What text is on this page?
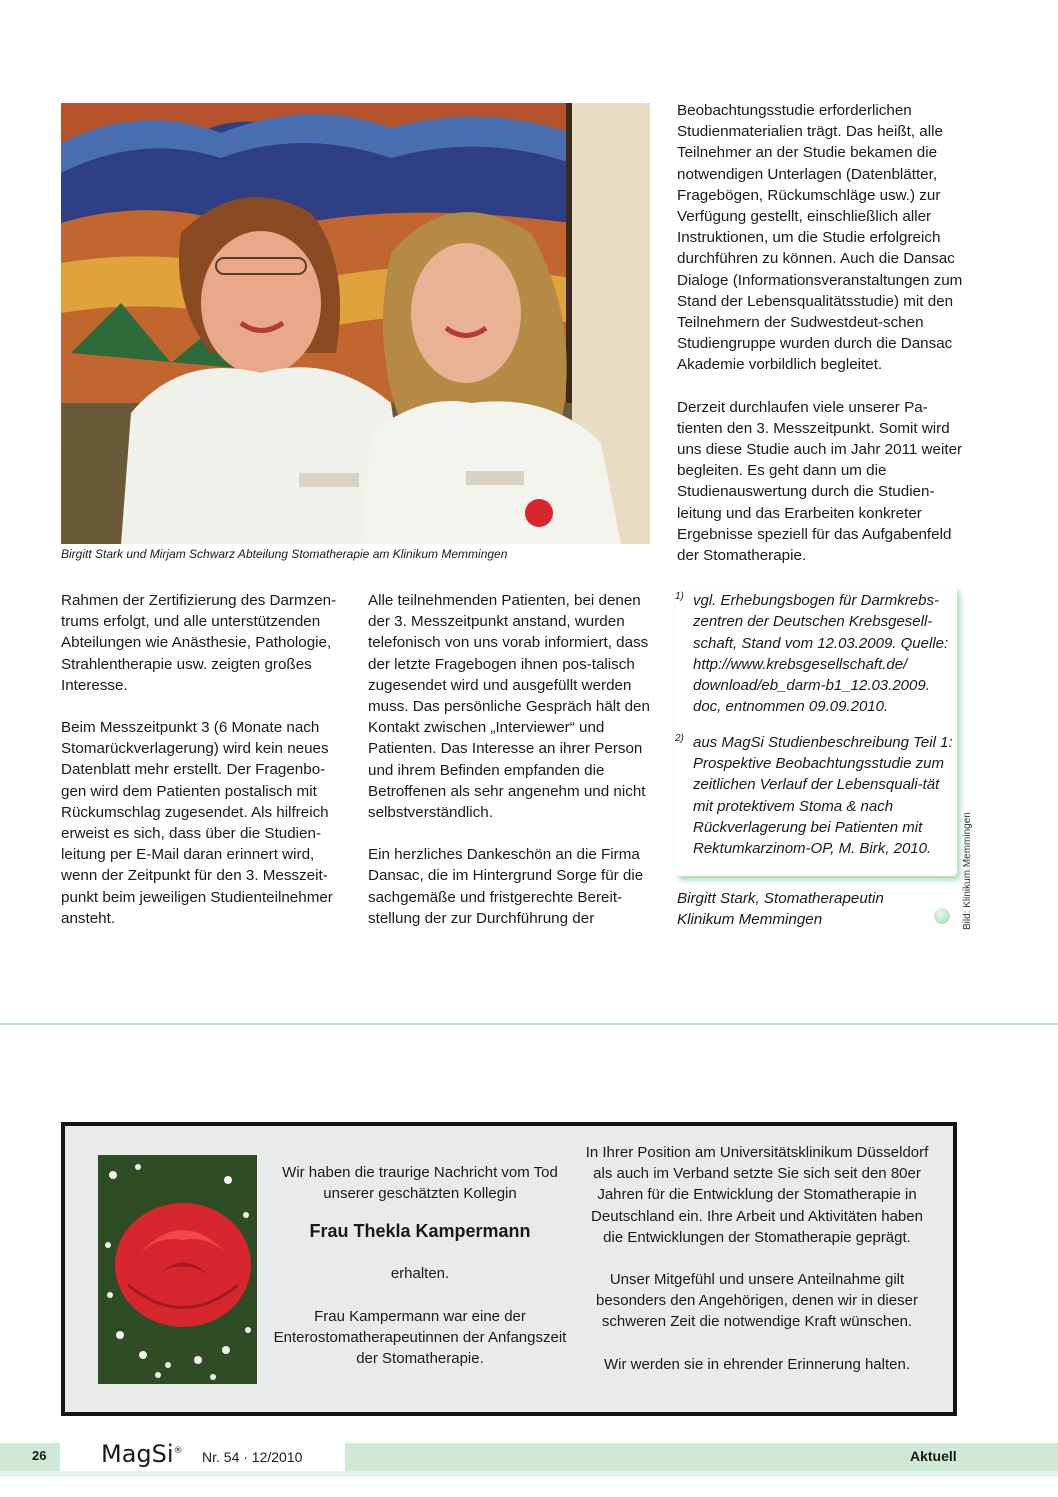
Birgitt Stark und Mirjam Schwarz Abteilung Stomatherapie am Klinikum Memmingen

Rahmen der Zertifizierung des Darmzen-trums erfolgt, und alle unterstützenden Abteilungen wie Anästhesie, Pathologie, Strahlentherapie usw. zeigten großes Interesse.

Beim Messzeitpunkt 3 (6 Monate nach Stomarückverlagerung) wird kein neues Datenblatt mehr erstellt. Der Fragenbo-gen wird dem Patienten postalisch mit Rückumschlag zugesendet. Als hilfreich erweist es sich, dass über die Studien-leitung per E-Mail daran erinnert wird, wenn der Zeitpunkt für den 3. Messzeit-punkt beim jeweiligen Studienteilnehmer ansteht.

Alle teilnehmenden Patienten, bei denen der 3. Messzeitpunkt anstand, wurden telefonisch von uns vorab informiert, dass der letzte Fragebogen ihnen pos-talisch zugesendet wird und ausgefüllt werden muss. Das persönliche Gespräch hält den Kontakt zwischen „Interviewer“ und Patienten. Das Interesse an ihrer Person und ihrem Befinden empfanden die Betroffenen als sehr angenehm und nicht selbstverständlich.

Ein herzliches Dankeschön an die Firma Dansac, die im Hintergrund Sorge für die sachgemäße und fristgerechte Bereit-stellung der zur Durchführung der

Beobachtungsstudie erforderlichen Studienmaterialien trägt. Das heißt, alle Teilnehmer an der Studie bekamen die notwendigen Unterlagen (Datenblätter, Fragebögen, Rückumschläge usw.) zur Verfügung gestellt, einschließlich aller Instruktionen, um die Studie erfolgreich durchführen zu können. Auch die Dansac Dialoge (Informationsveranstaltungen zum Stand der Lebensqualitätsstudie) mit den Teilnehmern der Sudwestdeut-schen Studiengruppe wurden durch die Dansac Akademie vorbildlich begleitet.

Derzeit durchlaufen viele unserer Pa-tienten den 3. Messzeitpunkt. Somit wird uns diese Studie auch im Jahr 2011 weiter begleiten. Es geht dann um die Studienauswertung durch die Studien-leitung und das Erarbeiten konkreter Ergebnisse speziell für das Aufgabenfeld der Stomatherapie.

1) vgl. Erhebungsbogen für Darmkrebs-zentren der Deutschen Krebsgesell-schaft, Stand vom 12.03.2009. Quelle: http://www.krebsgesellschaft.de/ download/eb_darm-b1_12.03.2009. doc, entnommen 09.09.2010.
2) aus MagSi Studienbeschreibung Teil 1: Prospektive Beobachtungsstudie zum zeitlichen Verlauf der Lebensquali-tät mit protektivem Stoma & nach Rückverlagerung bei Patienten mit Rektumkarzinom-OP, M. Birk, 2010.
Birgitt Stark, Stomatherapeutin
Klinikum Memmingen	Bild: Klinikum Memmingen
Wir haben die traurige Nachricht vom Tod unserer geschätzten Kollegin
Frau Thekla Kampermann
erhalten.
Frau Kampermann war eine der Enterostomatherapeutinnen der Anfangszeit der Stomatherapie.
In Ihrer Position am Universitätsklinikum Düsseldorf als auch im Verband setzte Sie sich seit den 80er Jahren für die Entwicklung der Stomatherapie in Deutschland ein. Ihre Arbeit und Aktivitäten haben die Entwicklungen der Stomatherapie geprägt.
Unser Mitgefühl und unsere Anteilnahme gilt besonders den Angehörigen, denen wir in dieser schweren Zeit die notwendige Kraft wünschen.
Wir werden sie in ehrender Erinnerung halten.
26 MagSi® Nr. 54 · 12/2010	Aktuell
